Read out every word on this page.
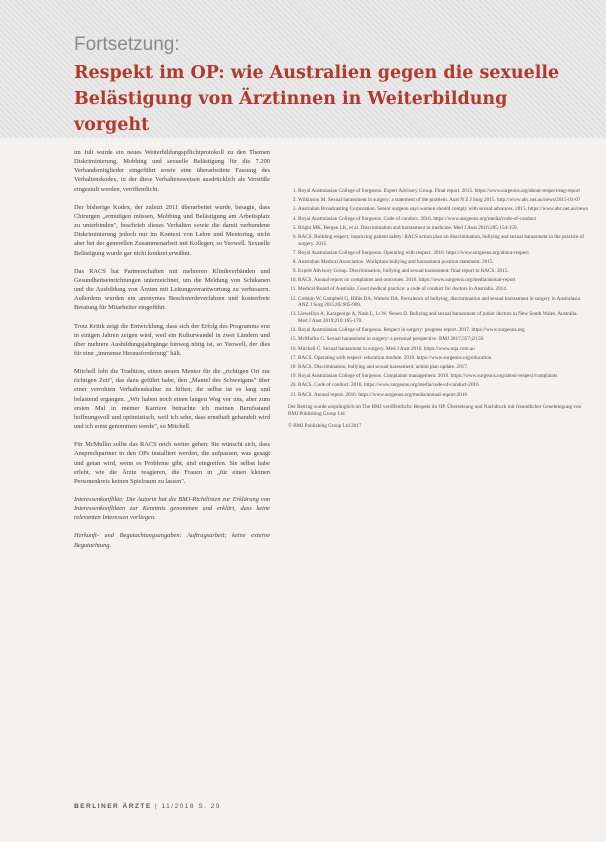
Fortsetzung:
Respekt im OP: wie Australien gegen die sexuelle Belästigung von Ärztinnen in Weiterbildung vorgeht

im Juli wurde ein neues Weiterbildungspflichtprotokoll zu den Themen Diskriminierung, Mobbing und sexuelle Belästigung für die 7.200 Verbandsmitglieder eingeführt sowie eine überarbeitete Fassung des Verhaltenskodex, in der diese Verhaltensweisen ausdrücklich als Verstöße eingestuft werden, veröffentlicht.

Der bisherige Kodex, der zuletzt 2011 überarbeitet wurde, besagte, dass Chirurgen „ermutigen müssen, Mobbing und Belästigung am Arbeitsplatz zu unterbinden", beschrieb dieses Verhalten sowie die damit verbundene Diskriminierung jedoch nur im Kontext von Lehre und Mentoring, nicht aber bei der generellen Zusammenarbeit mit Kollegen, so Yeowell. Sexuelle Belästigung wurde gar nicht konkret erwähnt.

Das RACS hat Partnerschaften mit mehreren Klinikverbänden und Gesundheitseinrichtungen unterzeichnet, um die Meldung von Schikanen und die Ausbildung von Ärzten mit Leitungsverantwortung zu verbessern. Außerdem wurden ein anonymes Beschwerdeverfahren und kostenfreie Beratung für Mitarbeiter eingeführt.

Trotz Kritik zeigt die Entwicklung, dass sich der Erfolg des Programms erst in einigen Jahren zeigen wird, weil ein Kulturwandel in zwei Ländern und über mehrere Ausbildungsjahrgänge hinweg nötig ist, so Yeowell, der dies für eine „immense Herausforderung" hält.

Mitchell lobt die Tradition, einen neuen Mentor für die „richtigen Ort zur richtigen Zeit", das dazu geführt habe, den „Mantel des Schweigens" über einer verrohten Verhaltenskultur zu lüften; ihr selbst ist es lang und belastend ergangen. „Wir haben noch einen langen Weg vor uns, aber zum ersten Mal in meiner Karriere betrachte ich meinen Berufsstand hoffnungsvoll und optimistisch, weil ich sehe, dass ernsthaft gehandelt wird und ich ernst genommen werde", so Mitchell.

Für McMullin sollte das RACS noch weiter gehen: Sie wünscht sich, dass Ansprechpartner in den OPs installiert werden, die aufpassen, was gesagt und getan wird, wenn es Probleme gibt, und eingreifen. Sie selbst habe erlebt, wie die Ärzte reagieren, die Frauen in „für einen kleinen Personenkreis keinen Spielraum zu lassen".

Interessenkonflikte: Die Autorin hat die BMJ-Richtlinien zur Erklärung von Interessenkonflikten zur Kenntnis genommen und erklärt, dass keine relevanten Interessen vorliegen.

Herkunft- und Begutachtungsangaben: Auftragsarbeit; keine externe Begutachtung.

1. Royal Australasian College of Surgeons. Expert Advisory Group. Final report. 2015. https://www.surgeons.org/about-respect/eag-report
2. Wilkinson M. Sexual harassment in surgery: a statement of the problem. Aust N Z J Surg 2015. http://www.abc.net.au/news/2015-03-07
3. Australian Broadcasting Corporation. Senior surgeon says women should comply with sexual advances. 2015. https://www.abc.net.au/news
4. Royal Australasian College of Surgeons. Code of conduct. 2016. https://www.surgeons.org/media/code-of-conduct
5. Bright MK, Bergen LK, et al. Discrimination and harassment in medicine. Med J Aust 2016;205:154-159.
6. RACS. Building respect, improving patient safety: RACS action plan on discrimination, bullying and sexual harassment in the practice of surgery. 2015.
7. Royal Australasian College of Surgeons. Operating with respect. 2016. https://www.surgeons.org/about-respect
8. Australian Medical Association. Workplace bullying and harassment position statement. 2015.
9. Expert Advisory Group. Discrimination, bullying and sexual harassment: final report to RACS. 2015.
10. RACS. Annual report on complaints and outcomes. 2016. https://www.surgeons.org/media/annual-report
11. Medical Board of Australia. Good medical practice: a code of conduct for doctors in Australia. 2014.
12. Crebbin W, Campbell G, Hillis DA, Watters DA. Prevalence of bullying, discrimination and sexual harassment in surgery in Australasia. ANZ J Surg 2015;85:905-909.
13. Llewellyn A, Karageorge A, Nash L, Li W, Neuen D. Bullying and sexual harassment of junior doctors in New South Wales, Australia. Med J Aust 2019;210:165-170.
14. Royal Australasian College of Surgeons. Respect in surgery: progress report. 2017. https://www.surgeons.org
15. McMullin G. Sexual harassment in surgery: a personal perspective. BMJ 2017;357:j2150.
16. Mitchell C. Sexual harassment in surgery. Med J Aust 2016. https://www.mja.com.au
17. RACS. Operating with respect: education module. 2016. https://www.surgeons.org/education
18. RACS. Discrimination, bullying and sexual harassment: action plan update. 2017.
19. Royal Australasian College of Surgeons. Complaints management. 2016. https://www.surgeons.org/about-respect/complaints
20. RACS. Code of conduct. 2016. https://www.surgeons.org/media/code-of-conduct-2016
21. RACS. Annual report. 2016. https://www.surgeons.org/media/annual-report-2016
Der Beitrag wurde ursprünglich im The BMJ veröffentlicht: Respekt im OP. Übersetzung und Nachdruck mit freundlicher Genehmigung von BMJ Publishing Group Ltd.
© BMJ Publishing Group Ltd 2017
BERLINER ÄRZTE | 11/2018 S. 29
